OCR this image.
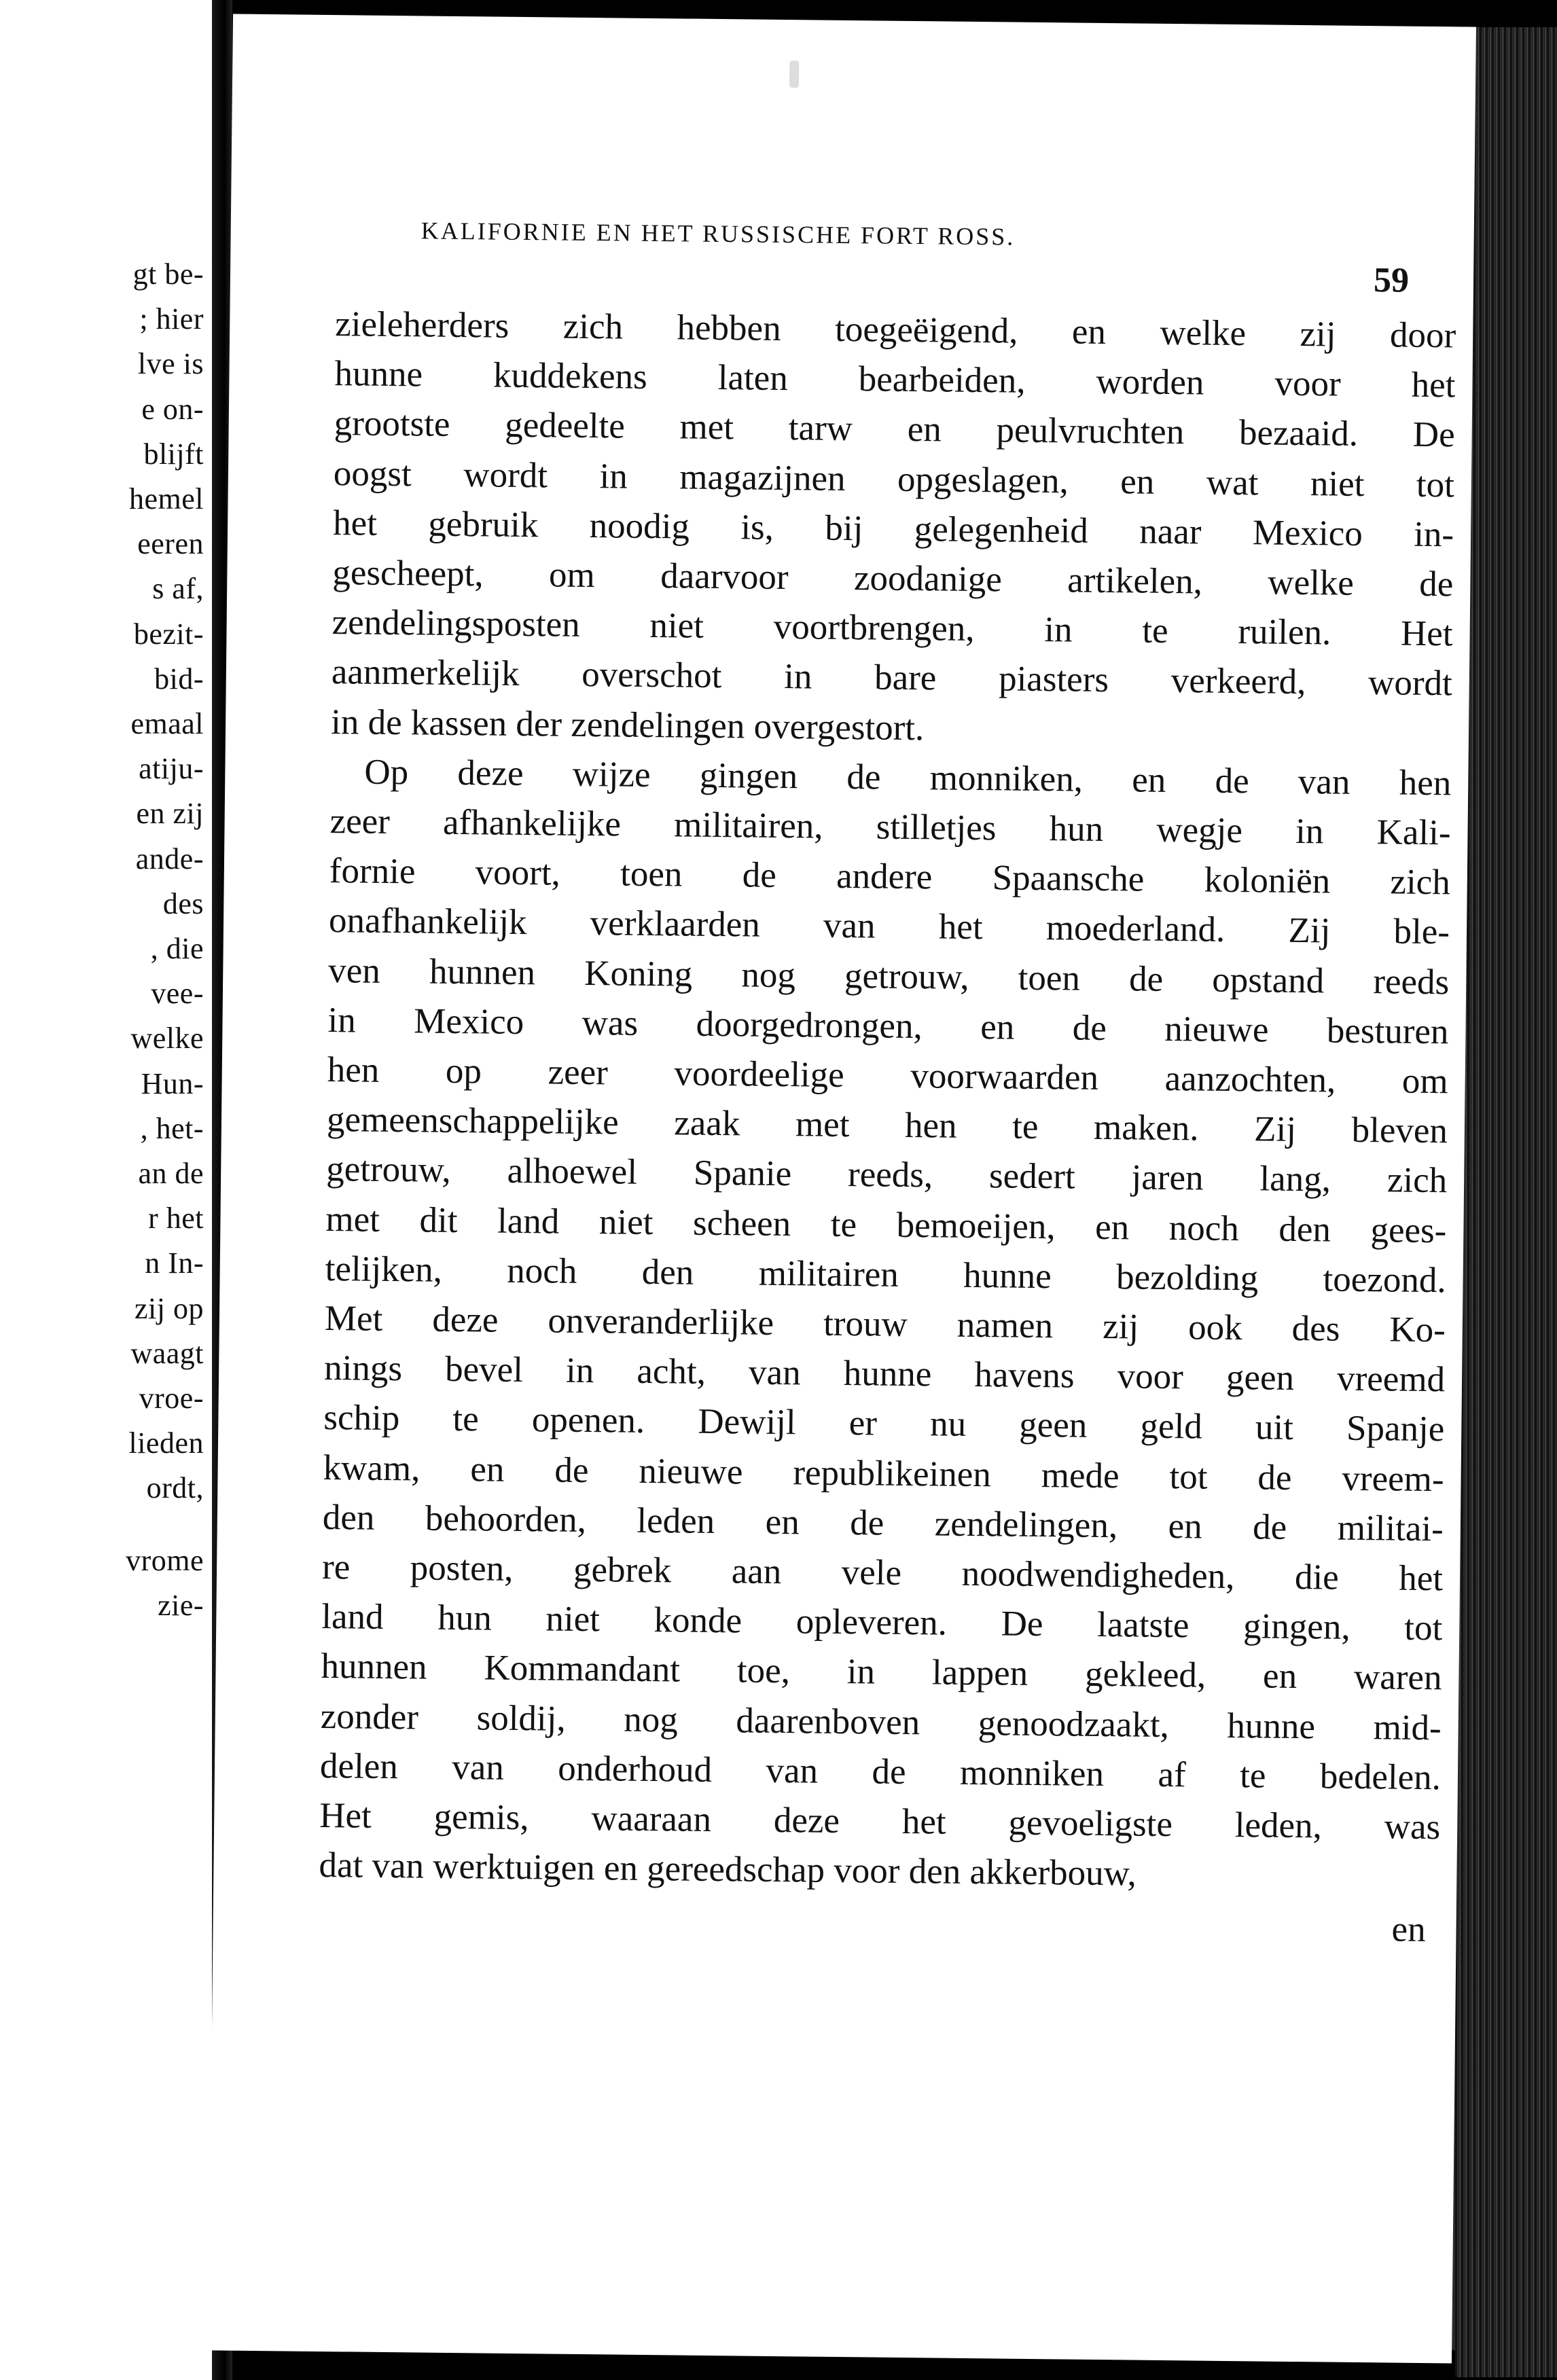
gt be-
; hier
lve is
e on-
blijft
hemel
eeren
s af,
bezit-
bid-
emaal
atiju-
en zij
ande-
des
, die
vee-
welke
Hun-
, het-
an de
r het
n In-
zij op
waagt
vroe-
lieden
ordt,
vrome
zie-
KALIFORNIE EN HET RUSSISCHE FORT ROSS.
59
zieleherders zich hebben toegeëigend, en welke zij door
hunne kuddekens laten bearbeiden, worden voor het
grootste gedeelte met tarw en peulvruchten bezaaid. De
oogst wordt in magazijnen opgeslagen, en wat niet tot
het gebruik noodig is, bij gelegenheid naar Mexico in-
gescheept, om daarvoor zoodanige artikelen, welke de
zendelingsposten niet voortbrengen, in te ruilen. Het
aanmerkelijk overschot in bare piasters verkeerd, wordt
in de kassen der zendelingen overgestort.
Op deze wijze gingen de monniken, en de van hen
zeer afhankelijke militairen, stilletjes hun wegje in Kali-
fornie voort, toen de andere Spaansche koloniën zich
onafhankelijk verklaarden van het moederland. Zij ble-
ven hunnen Koning nog getrouw, toen de opstand reeds
in Mexico was doorgedrongen, en de nieuwe besturen
hen op zeer voordeelige voorwaarden aanzochten, om
gemeenschappelijke zaak met hen te maken. Zij bleven
getrouw, alhoewel Spanie reeds, sedert jaren lang, zich
met dit land niet scheen te bemoeijen, en noch den gees-
telijken, noch den militairen hunne bezolding toezond.
Met deze onveranderlijke trouw namen zij ook des Ko-
nings bevel in acht, van hunne havens voor geen vreemd
schip te openen. Dewijl er nu geen geld uit Spanje
kwam, en de nieuwe republikeinen mede tot de vreem-
den behoorden, leden en de zendelingen, en de militai-
re posten, gebrek aan vele noodwendigheden, die het
land hun niet konde opleveren. De laatste gingen, tot
hunnen Kommandant toe, in lappen gekleed, en waren
zonder soldij, nog daarenboven genoodzaakt, hunne mid-
delen van onderhoud van de monniken af te bedelen.
Het gemis, waaraan deze het gevoeligste leden, was
dat van werktuigen en gereedschap voor den akkerbouw,
en
